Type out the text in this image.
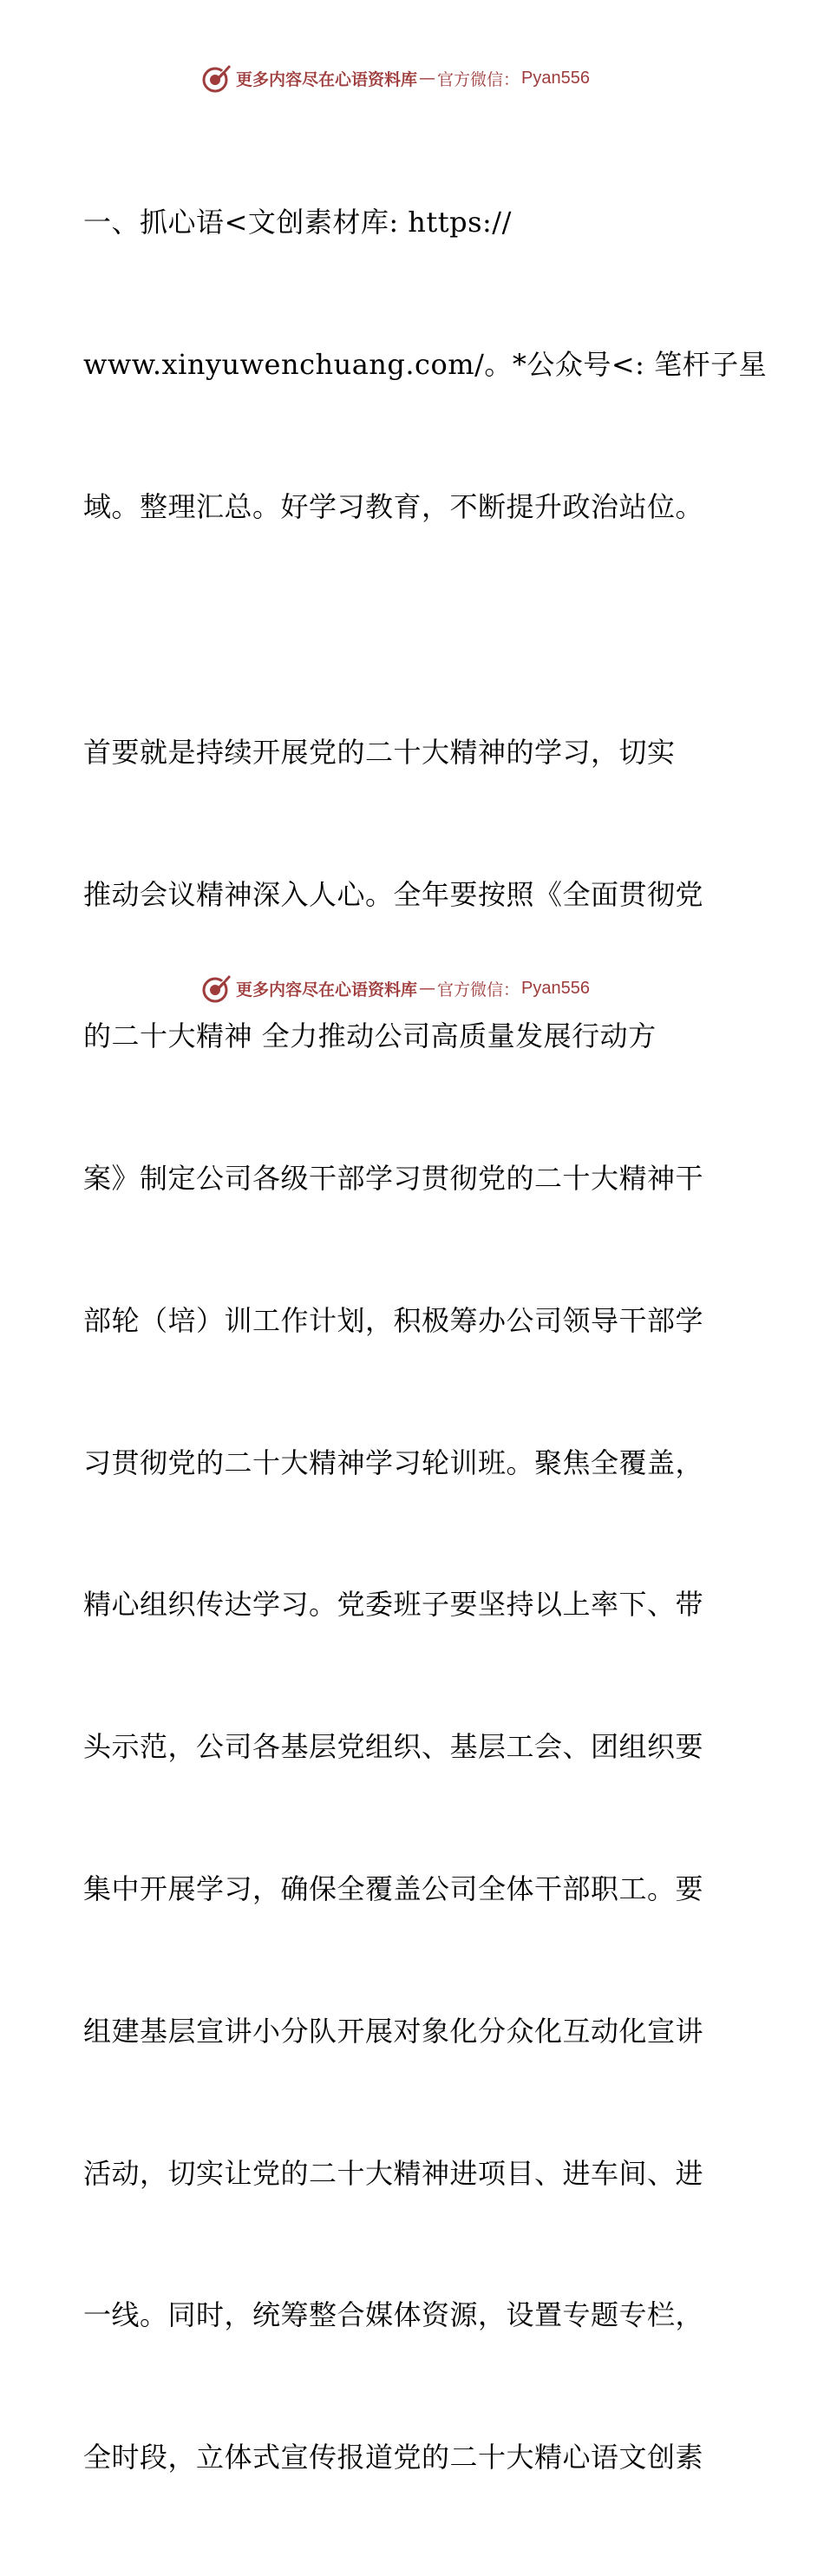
更多内容尽在心语资料库 — 官方微信： Pyan556

一、抓心语<文创素材库: https://

www.xinyuwenchuang.com/。*公众号<: 笔杆子星

域。整理汇总。好学习教育，不断提升政治站位。

首要就是持续开展党的二十大精神的学习，切实

推动会议精神深入人心。全年要按照《全面贯彻党

的二十大精神 全力推动公司高质量发展行动方

案》制定公司各级干部学习贯彻党的二十大精神干

部轮（培）训工作计划，积极筹办公司领导干部学

习贯彻党的二十大精神学习轮训班。聚焦全覆盖，

精心组织传达学习。党委班子要坚持以上率下、带

头示范，公司各基层党组织、基层工会、团组织要

集中开展学习，确保全覆盖公司全体干部职工。要

组建基层宣讲小分队开展对象化分众化互动化宣讲

活动，切实让党的二十大精神进项目、进车间、进

一线。同时，统筹整合媒体资源，设置专题专栏，

全时段，立体式宣传报道党的二十大精心语文创素

更多内容尽在心语资料库 — 官方微信： Pyan556
